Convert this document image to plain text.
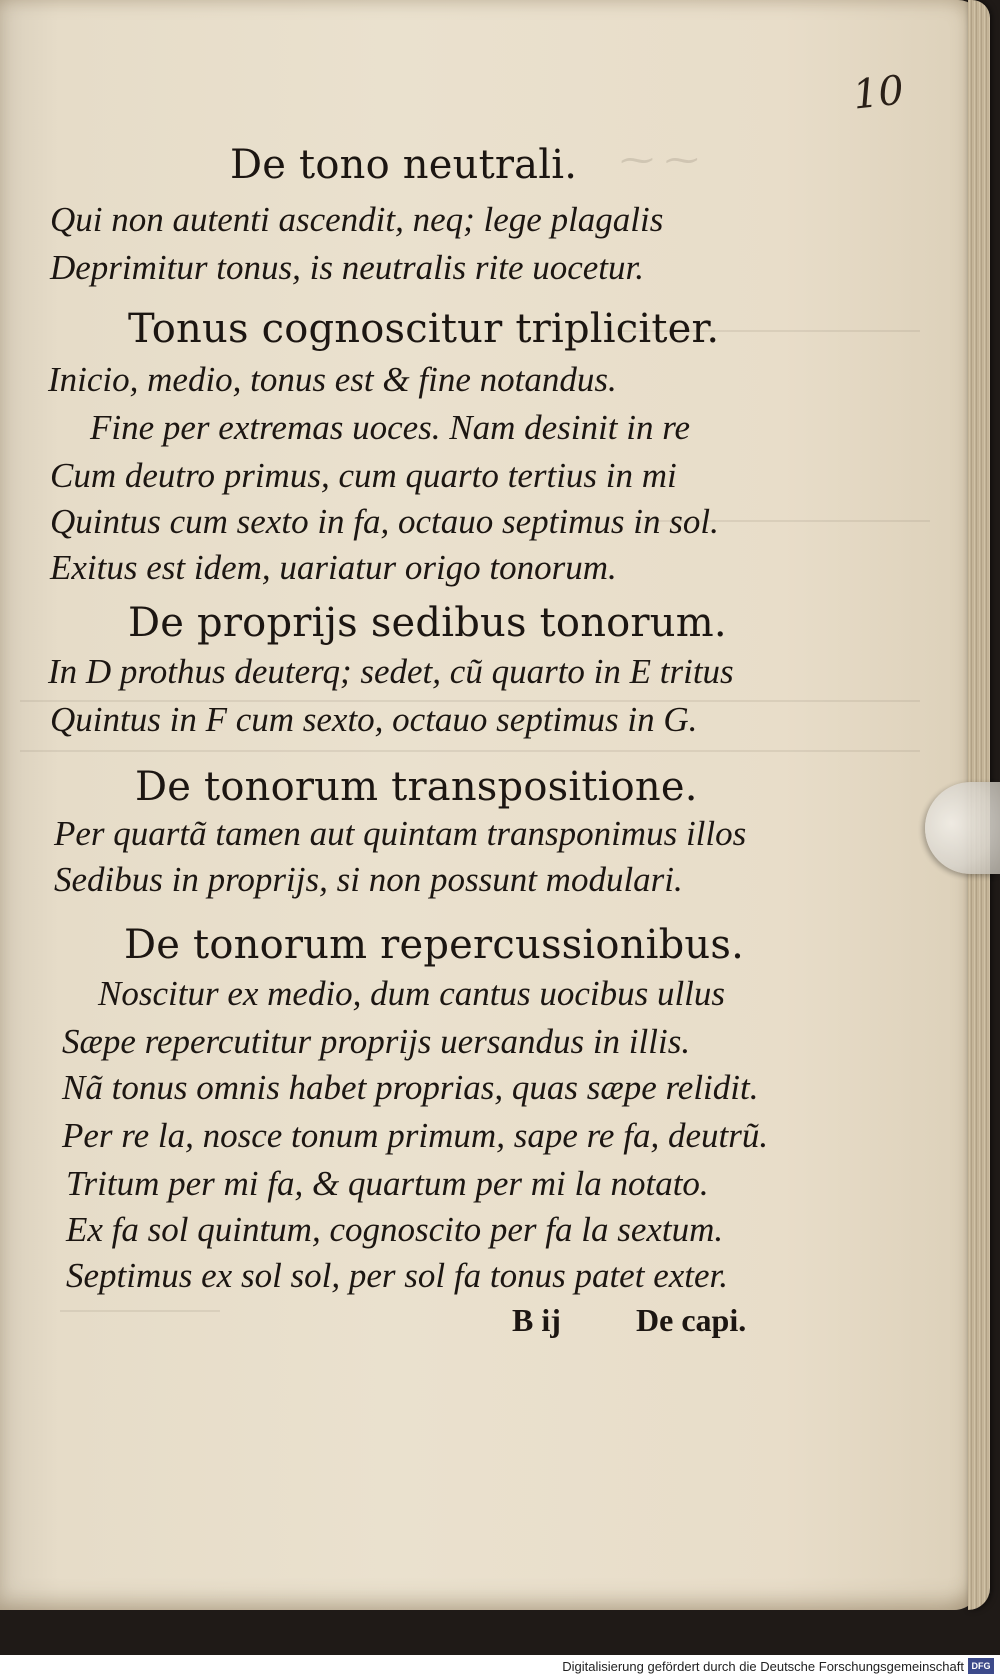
⁓ ⁓
10
De tono neutrali.
Qui non autenti ascendit, neq; lege plagalis
Deprimitur tonus, is neutralis rite uocetur.
Tonus cognoscitur tripliciter.
Inicio, medio, tonus est & fine notandus.
Fine per extremas uoces. Nam desinit in re
Cum deutro primus, cum quarto tertius in mi
Quintus cum sexto in fa, octauo septimus in sol.
Exitus est idem, uariatur origo tonorum.
De proprijs sedibus tonorum.
In D prothus deuterq; sedet, cũ quarto in E tritus
Quintus in F cum sexto, octauo septimus in G.
De tonorum transpositione.
Per quartã tamen aut quintam transponimus illos
Sedibus in proprijs, si non possunt modulari.
De tonorum repercussionibus.
Noscitur ex medio, dum cantus uocibus ullus
Sæpe repercutitur proprijs uersandus in illis.
Nã tonus omnis habet proprias, quas sæpe relidit.
Per re la, nosce tonum primum, sape re fa, deutrũ.
Tritum per mi fa, & quartum per mi la notato.
Ex fa sol quintum, cognoscito per fa la sextum.
Septimus ex sol sol, per sol fa tonus patet exter.
B ij De capi.
Digitalisierung gefördert durch die Deutsche Forschungsgemeinschaft DFG
